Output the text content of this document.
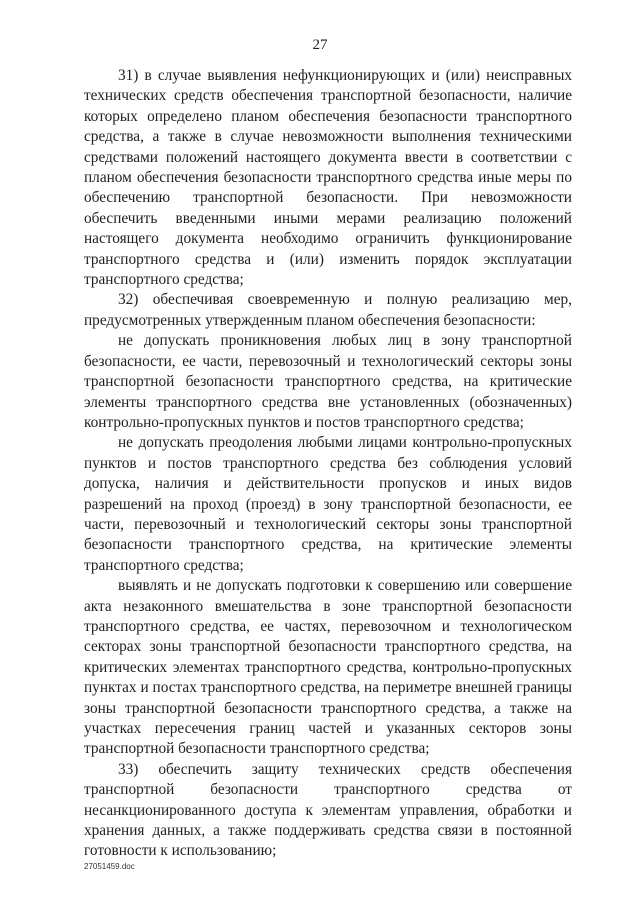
27

31) в случае выявления нефункционирующих и (или) неисправных технических средств обеспечения транспортной безопасности, наличие которых определено планом обеспечения безопасности транспортного средства, а также в случае невозможности выполнения техническими средствами положений настоящего документа ввести в соответствии с планом обеспечения безопасности транспортного средства иные меры по обеспечению транспортной безопасности. При невозможности обеспечить введенными иными мерами реализацию положений настоящего документа необходимо ограничить функционирование транспортного средства и (или) изменить порядок эксплуатации транспортного средства;

32) обеспечивая своевременную и полную реализацию мер, предусмотренных утвержденным планом обеспечения безопасности:

не допускать проникновения любых лиц в зону транспортной безопасности, ее части, перевозочный и технологический секторы зоны транспортной безопасности транспортного средства, на критические элементы транспортного средства вне установленных (обозначенных) контрольно-пропускных пунктов и постов транспортного средства;

не допускать преодоления любыми лицами контрольно-пропускных пунктов и постов транспортного средства без соблюдения условий допуска, наличия и действительности пропусков и иных видов разрешений на проход (проезд) в зону транспортной безопасности, ее части, перевозочный и технологический секторы зоны транспортной безопасности транспортного средства, на критические элементы транспортного средства;

выявлять и не допускать подготовки к совершению или совершение акта незаконного вмешательства в зоне транспортной безопасности транспортного средства, ее частях, перевозочном и технологическом секторах зоны транспортной безопасности транспортного средства, на критических элементах транспортного средства, контрольно-пропускных пунктах и постах транспортного средства, на периметре внешней границы зоны транспортной безопасности транспортного средства, а также на участках пересечения границ частей и указанных секторов зоны транспортной безопасности транспортного средства;

33) обеспечить защиту технических средств обеспечения транспортной безопасности транспортного средства от несанкционированного доступа к элементам управления, обработки и хранения данных, а также поддерживать средства связи в постоянной готовности к использованию;

27051459.doc
